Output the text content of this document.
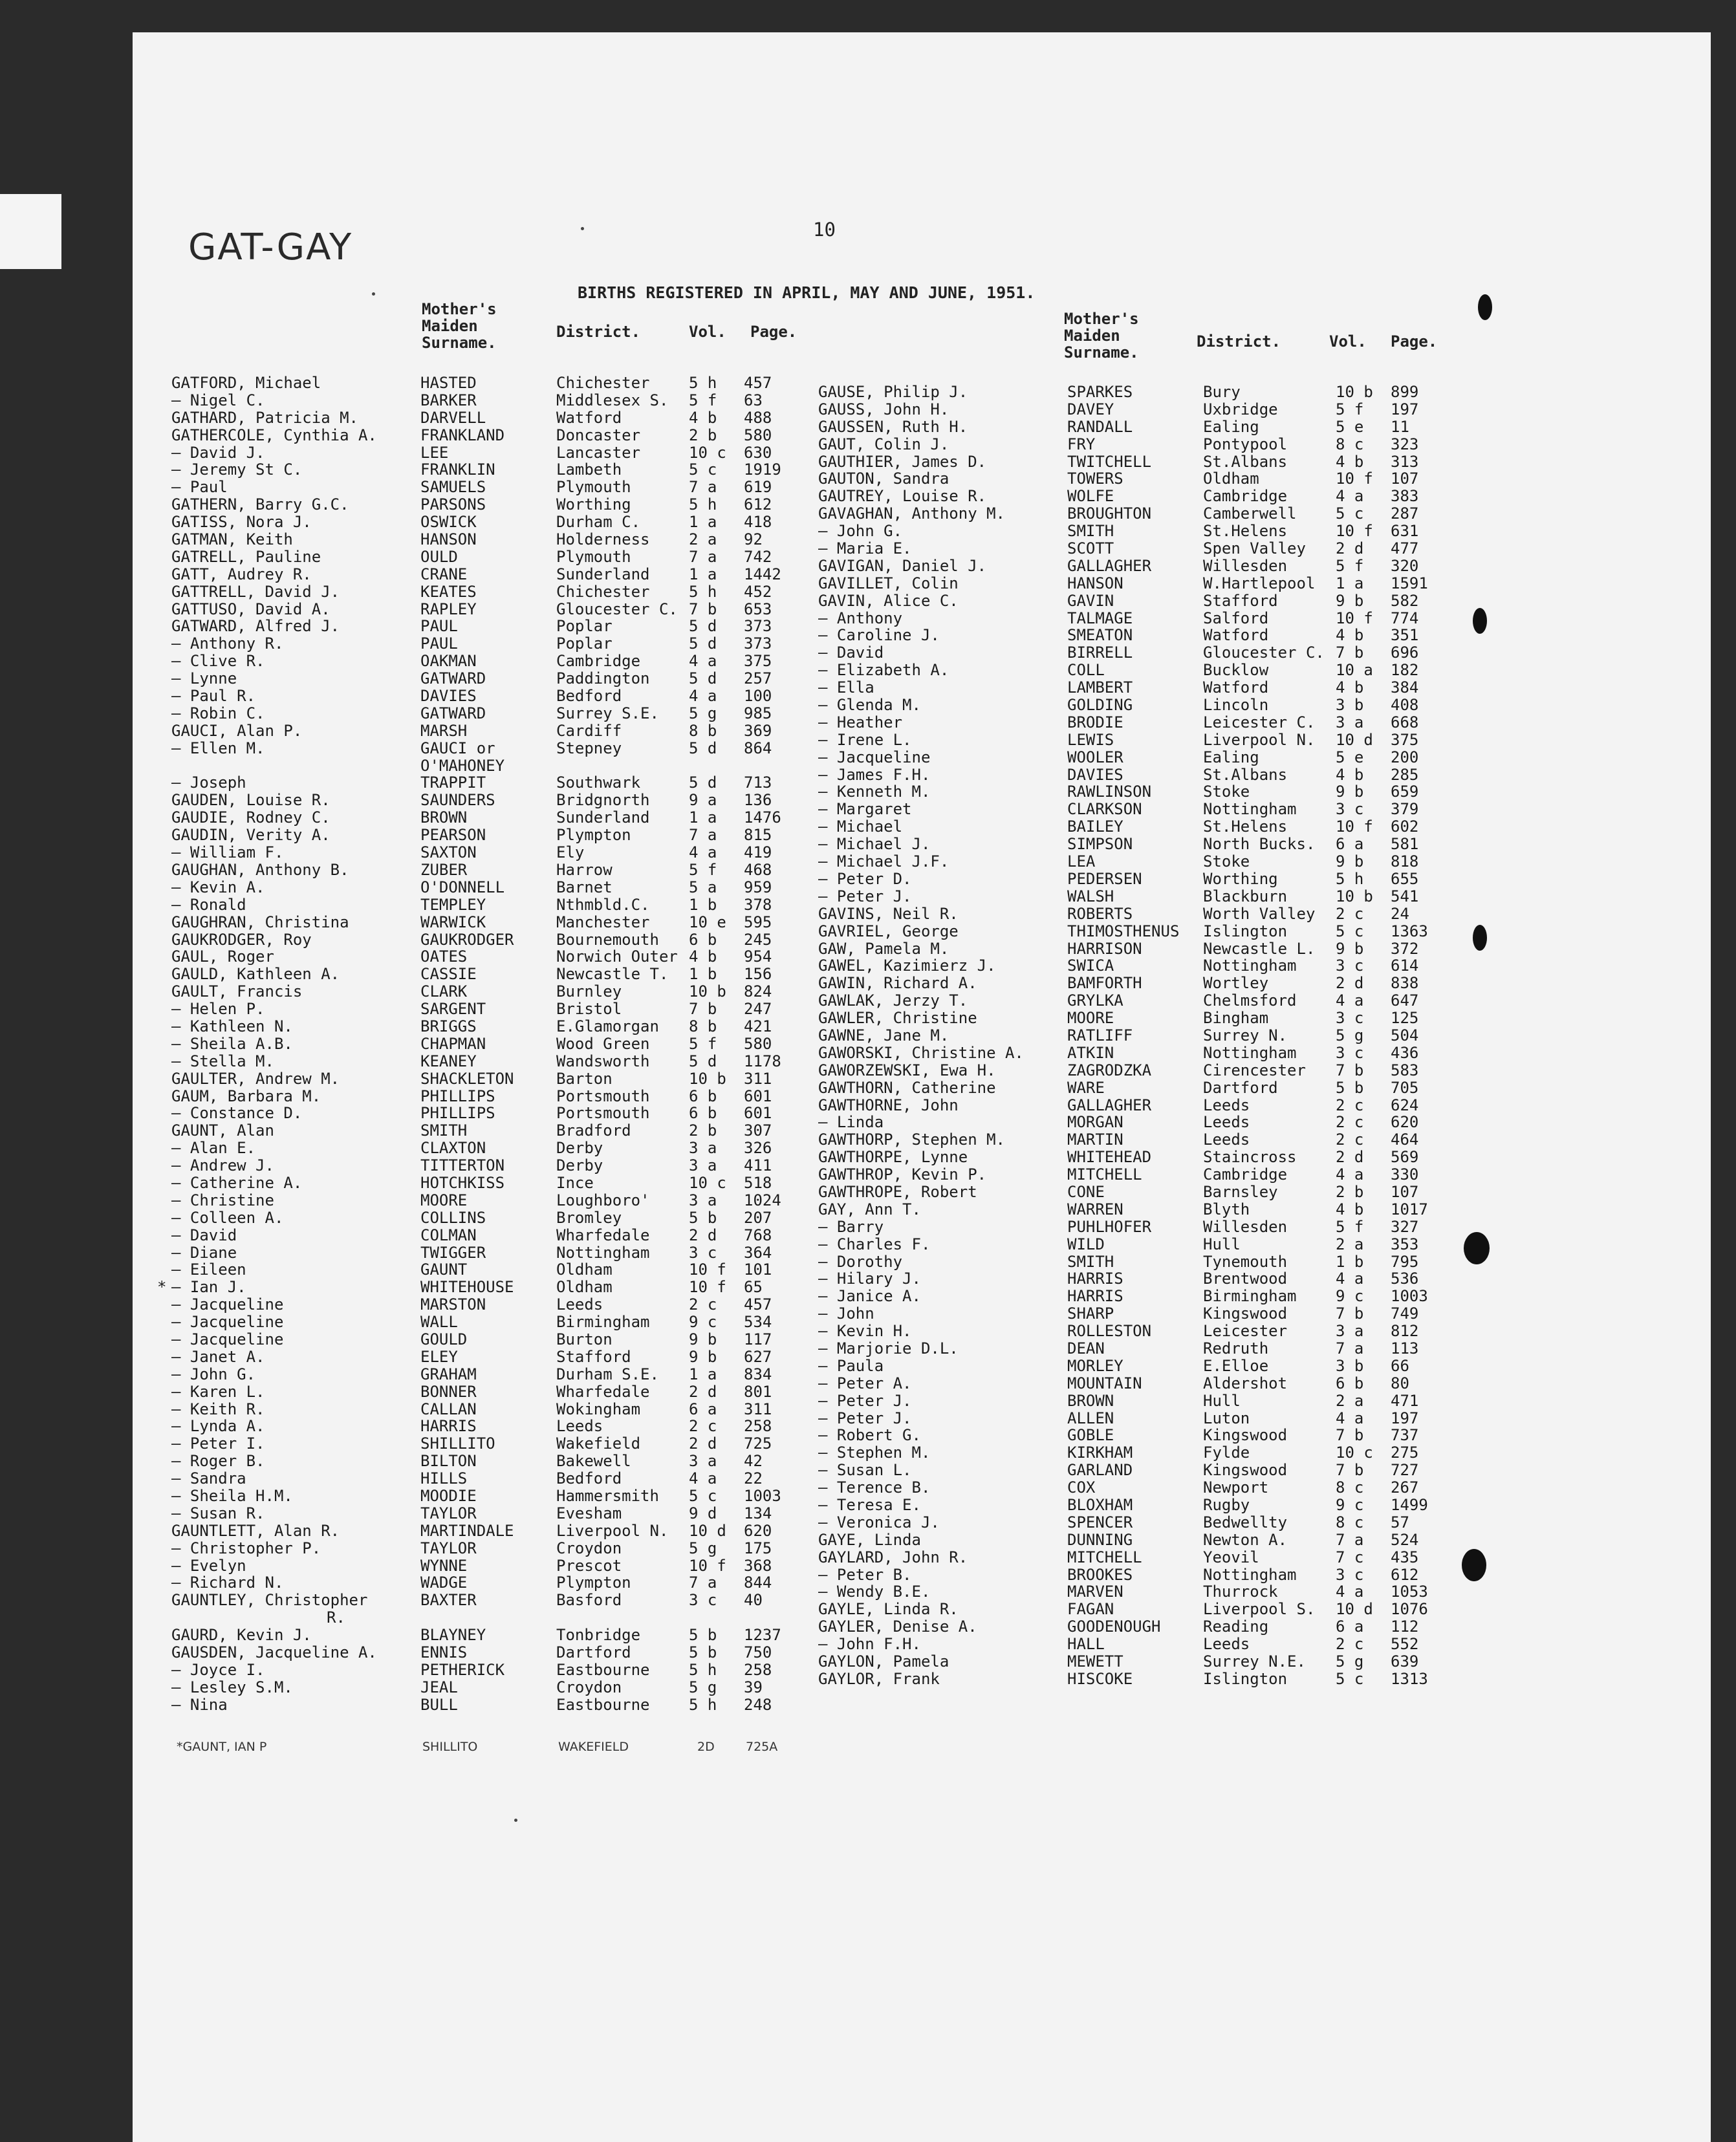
GAT-GAY	10
BIRTHS REGISTERED IN APRIL, MAY AND JUNE, 1951.
Mother's
Maiden
Surname.
District.	Vol. Page.
Mother's
Maiden
Surname.
District.	Vol. Page.
GATFORD, Michael	HASTED	Chichester	5 h 457
— Nigel C.	BARKER	Middlesex S. 5 f 63
GATHARD, Patricia M.	DARVELL	Watford	4 b 488
GATHERCOLE, Cynthia A.	FRANKLAND	Doncaster	2 b 580
— David J.	LEE	Lancaster	10 c 630
— Jeremy St C.	FRANKLIN	Lambeth	5 c 1919
— Paul	SAMUELS	Plymouth	7 a 619
GATHERN, Barry G.C.	PARSONS	Worthing	5 h 612
GATISS, Nora J.	OSWICK	Durham C.	1 a 418
GATMAN, Keith	HANSON	Holderness	2 a 92
GATRELL, Pauline	OULD	Plymouth	7 a 742
GATT, Audrey R.	CRANE	Sunderland	1 a 1442
GATTRELL, David J.	KEATES	Chichester	5 h 452
GATTUSO, David A.	RAPLEY	Gloucester C. 7 b 653
GATWARD, Alfred J.	PAUL	Poplar	5 d 373
— Anthony R.	PAUL	Poplar	5 d 373
— Clive R.	OAKMAN	Cambridge	4 a 375
— Lynne	GATWARD	Paddington	5 d 257
— Paul R.	DAVIES	Bedford	4 a 100
— Robin C.	GATWARD	Surrey S.E. 5 g 985
GAUCI, Alan P.	MARSH	Cardiff	8 b 369
— Ellen M.	GAUCI or	Stepney	5 d 864
O'MAHONEY
— Joseph	TRAPPIT	Southwark	5 d 713
GAUDEN, Louise R.	SAUNDERS	Bridgnorth	9 a 136
GAUDIE, Rodney C.	BROWN	Sunderland	1 a 1476
GAUDIN, Verity A.	PEARSON	Plympton	7 a 815
— William F.	SAXTON	Ely	4 a 419
GAUGHAN, Anthony B.	ZUBER	Harrow	5 f 468
— Kevin A.	O'DONNELL	Barnet	5 a 959
— Ronald	TEMPLEY	Nthmbld.C.	1 b 378
GAUGHRAN, Christina	WARWICK	Manchester	10 e 595
GAUKRODGER, Roy	GAUKRODGER	Bournemouth 6 b 245
GAUL, Roger	OATES	Norwich Outer 4 b 954
GAULD, Kathleen A.	CASSIE	Newcastle T. 1 b 156
GAULT, Francis	CLARK	Burnley	10 b 824
— Helen P.	SARGENT	Bristol	7 b 247
— Kathleen N.	BRIGGS	E.Glamorgan 8 b 421
— Sheila A.B.	CHAPMAN	Wood Green	5 f 580
— Stella M.	KEANEY	Wandsworth	5 d 1178
GAULTER, Andrew M.	SHACKLETON	Barton	10 b 311
GAUM, Barbara M.	PHILLIPS	Portsmouth	6 b 601
— Constance D.	PHILLIPS	Portsmouth	6 b 601
GAUNT, Alan	SMITH	Bradford	2 b 307
— Alan E.	CLAXTON	Derby	3 a 326
— Andrew J.	TITTERTON	Derby	3 a 411
— Catherine A.	HOTCHKISS	Ince	10 c 518
— Christine	MOORE	Loughboro'	3 a 1024
— Colleen A.	COLLINS	Bromley	5 b 207
— David	COLMAN	Wharfedale	2 d 768
— Diane	TWIGGER	Nottingham	3 c 364
— Eileen	GAUNT	Oldham	10 f 101
* — Ian J.	WHITEHOUSE	Oldham	10 f 65
— Jacqueline	MARSTON	Leeds	2 c 457
— Jacqueline	WALL	Birmingham	9 c 534
— Jacqueline	GOULD	Burton	9 b 117
— Janet A.	ELEY	Stafford	9 b 627
— John G.	GRAHAM	Durham S.E. 1 a 834
— Karen L.	BONNER	Wharfedale	2 d 801
— Keith R.	CALLAN	Wokingham	6 a 311
— Lynda A.	HARRIS	Leeds	2 c 258
— Peter I.	SHILLITO	Wakefield	2 d 725
— Roger B.	BILTON	Bakewell	3 a 42
— Sandra	HILLS	Bedford	4 a 22
— Sheila H.M.	MOODIE	Hammersmith 5 c 1003
— Susan R.	TAYLOR	Evesham	9 d 134
GAUNTLETT, Alan R.	MARTINDALE	Liverpool N. 10 d 620
— Christopher P.	TAYLOR	Croydon	5 g 175
— Evelyn	WYNNE	Prescot	10 f 368
— Richard N.	WADGE	Plympton	7 a 844
GAUNTLEY, Christopher	BAXTER	Basford	3 c 40
R.
GAURD, Kevin J.	BLAYNEY	Tonbridge	5 b 1237
GAUSDEN, Jacqueline A.	ENNIS	Dartford	5 b 750
— Joyce I.	PETHERICK	Eastbourne	5 h 258
— Lesley S.M.	JEAL	Croydon	5 g 39
— Nina	BULL	Eastbourne	5 h 248
GAUSE, Philip J.	SPARKES	Bury	10 b 899
GAUSS, John H.	DAVEY	Uxbridge	5 f 197
GAUSSEN, Ruth H.	RANDALL	Ealing	5 e 11
GAUT, Colin J.	FRY	Pontypool	8 c 323
GAUTHIER, James D.	TWITCHELL	St.Albans	4 b 313
GAUTON, Sandra	TOWERS	Oldham	10 f 107
GAUTREY, Louise R.	WOLFE	Cambridge	4 a 383
GAVAGHAN, Anthony M.	BROUGHTON	Camberwell	5 c 287
— John G.	SMITH	St.Helens	10 f 631
— Maria E.	SCOTT	Spen Valley 2 d 477
GAVIGAN, Daniel J.	GALLAGHER	Willesden	5 f 320
GAVILLET, Colin	HANSON	W.Hartlepool 1 a 1591
GAVIN, Alice C.	GAVIN	Stafford	9 b 582
— Anthony	TALMAGE	Salford	10 f 774
— Caroline J.	SMEATON	Watford	4 b 351
— David	BIRRELL	Gloucester C. 7 b 696
— Elizabeth A.	COLL	Bucklow	10 a 182
— Ella	LAMBERT	Watford	4 b 384
— Glenda M.	GOLDING	Lincoln	3 b 408
— Heather	BRODIE	Leicester C. 3 a 668
— Irene L.	LEWIS	Liverpool N. 10 d 375
— Jacqueline	WOOLER	Ealing	5 e 200
— James F.H.	DAVIES	St.Albans	4 b 285
— Kenneth M.	RAWLINSON	Stoke	9 b 659
— Margaret	CLARKSON	Nottingham	3 c 379
— Michael	BAILEY	St.Helens	10 f 602
— Michael J.	SIMPSON	North Bucks. 6 a 581
— Michael J.F.	LEA	Stoke	9 b 818
— Peter D.	PEDERSEN	Worthing	5 h 655
— Peter J.	WALSH	Blackburn	10 b 541
GAVINS, Neil R.	ROBERTS	Worth Valley 2 c 24
GAVRIEL, George	THIMOSTHENUS Islington	5 c 1363
GAW, Pamela M.	HARRISON	Newcastle L. 9 b 372
GAWEL, Kazimierz J.	SWICA	Nottingham	3 c 614
GAWIN, Richard A.	BAMFORTH	Wortley	2 d 838
GAWLAK, Jerzy T.	GRYLKA	Chelmsford	4 a 647
GAWLER, Christine	MOORE	Bingham	3 c 125
GAWNE, Jane M.	RATLIFF	Surrey N.	5 g 504
GAWORSKI, Christine A.	ATKIN	Nottingham	3 c 436
GAWORZEWSKI, Ewa H.	ZAGRODZKA	Cirencester 7 b 583
GAWTHORN, Catherine	WARE	Dartford	5 b 705
GAWTHORNE, John	GALLAGHER	Leeds	2 c 624
— Linda	MORGAN	Leeds	2 c 620
GAWTHORP, Stephen M.	MARTIN	Leeds	2 c 464
GAWTHORPE, Lynne	WHITEHEAD	Staincross	2 d 569
GAWTHROP, Kevin P.	MITCHELL	Cambridge	4 a 330
GAWTHROPE, Robert	CONE	Barnsley	2 b 107
GAY, Ann T.	WARREN	Blyth	4 b 1017
— Barry	PUHLHOFER	Willesden	5 f 327
— Charles F.	WILD	Hull	2 a 353
— Dorothy	SMITH	Tynemouth	1 b 795
— Hilary J.	HARRIS	Brentwood	4 a 536
— Janice A.	HARRIS	Birmingham	9 c 1003
— John	SHARP	Kingswood	7 b 749
— Kevin H.	ROLLESTON	Leicester	3 a 812
— Marjorie D.L.	DEAN	Redruth	7 a 113
— Paula	MORLEY	E.Elloe	3 b 66
— Peter A.	MOUNTAIN	Aldershot	6 b 80
— Peter J.	BROWN	Hull	2 a 471
— Peter J.	ALLEN	Luton	4 a 197
— Robert G.	GOBLE	Kingswood	7 b 737
— Stephen M.	KIRKHAM	Fylde	10 c 275
— Susan L.	GARLAND	Kingswood	7 b 727
— Terence B.	COX	Newport	8 c 267
— Teresa E.	BLOXHAM	Rugby	9 c 1499
— Veronica J.	SPENCER	Bedwellty	8 c 57
GAYE, Linda	DUNNING	Newton A.	7 a 524
GAYLARD, John R.	MITCHELL	Yeovil	7 c 435
— Peter B.	BROOKES	Nottingham	3 c 612
— Wendy B.E.	MARVEN	Thurrock	4 a 1053
GAYLE, Linda R.	FAGAN	Liverpool S. 10 d 1076
GAYLER, Denise A.	GOODENOUGH	Reading	6 a 112
— John F.H.	HALL	Leeds	2 c 552
GAYLON, Pamela	MEWETT	Surrey N.E. 5 g 639
GAYLOR, Frank	HISCOKE	Islington	5 c 1313
*GAUNT, IAN P	SHILLITO	WAKEFIELD	2D	725A
